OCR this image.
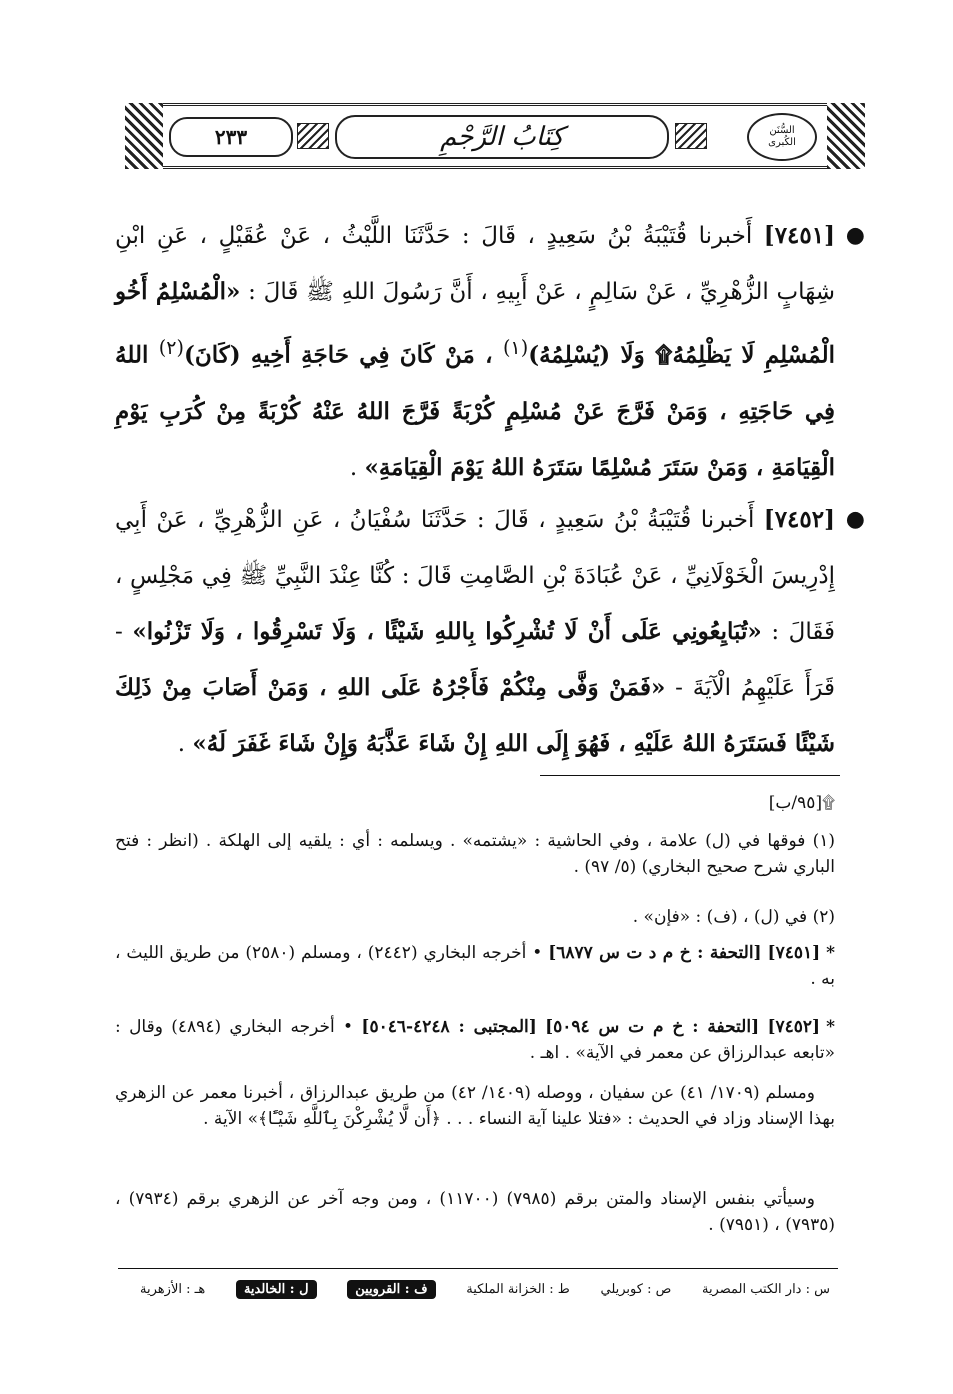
٢٣٣	كِتَابُ الرَّجْمِ	السُّنَن
الكُبرى
●
[٧٤٥١] أَخبرنا قُتَيْبَةُ بْنُ سَعِيدٍ ، قَالَ : حَدَّثَنَا اللَّيْثُ ، عَنْ عُقَيْلٍ ، عَنِ ابْنِ شِهَابٍ الزُّهْرِيِّ ، عَنْ سَالِمٍ ، عَنْ أَبِيهِ ، أَنَّ رَسُولَ اللهِ ﷺ قَالَ : «الْمُسْلِمُ أَخُو الْمُسْلِمِ لَا يَظْلِمُهُ۩ وَلَا (يُسْلِمُهُ)$^{(١)}$ ، مَنْ كَانَ فِي حَاجَةِ أَخِيهِ (كَانَ)$^{(٢)}$ اللهُ فِي حَاجَتِهِ ، وَمَنْ فَرَّجَ عَنْ مُسْلِمٍ كُرْبَةً فَرَّجَ اللهُ عَنْهُ كُرْبَةً مِنْ كُرَبِ يَوْمِ الْقِيَامَةِ ، وَمَنْ سَتَرَ مُسْلِمًا سَتَرَهُ اللهُ يَوْمَ الْقِيَامَةِ» .
●
[٧٤٥٢] أَخبرنا قُتَيْبَةُ بْنُ سَعِيدٍ ، قَالَ : حَدَّثَنَا سُفْيَانُ ، عَنِ الزُّهْرِيِّ ، عَنْ أَبِي إِدْرِيسَ الْخَوْلَانِيِّ ، عَنْ عُبَادَةَ بْنِ الصَّامِتِ قَالَ : كُنَّا عِنْدَ النَّبِيِّ ﷺ فِي مَجْلِسٍ ، فَقَالَ : «تُبَايِعُونِي عَلَى أَنْ لَا تُشْرِكُوا بِاللهِ شَيْئًا ، وَلَا تَسْرِقُوا ، وَلَا تَزْنُوا» - قَرَأَ عَلَيْهِمُ الْآيَةَ - «فَمَنْ وَفَّى مِنْكُمْ فَأَجْرُهُ عَلَى اللهِ ، وَمَنْ أَصَابَ مِنْ ذَلِكَ شَيْئًا فَسَتَرَهُ اللهُ عَلَيْهِ ، فَهُوَ إِلَى اللهِ إِنْ شَاءَ عَذَّبَهُ وَإِنْ شَاءَ غَفَرَ لَهُ» .
۩[٩٥/ب]
(١) فوقها في (ل) علامة ، وفي الحاشية : «يشتمه» . ويسلمه : أي : يلقيه إلى الهلكة . (انظر : فتح الباري شرح صحيح البخاري) (٥/ ٩٧) .
(٢) في (ل) ، (ف) : «فإن» .
*[٧٤٥١] [التحفة : خ م د ت س ٦٨٧٧] • أخرجه البخاري (٢٤٤٢) ، ومسلم (٢٥٨٠) من طريق الليث ، به .
*[٧٤٥٢] [التحفة : خ م ت س ٥٠٩٤] [المجتبى : ٤٢٤٨-٥٠٤٦] • أخرجه البخاري (٤٨٩٤) وقال : «تابعه عبدالرزاق عن معمر في الآية» . اهـ .
ومسلم (١٧٠٩/ ٤١) عن سفيان ، ووصله (١٤٠٩/ ٤٢) من طريق عبدالرزاق ، أخبرنا معمر عن الزهري بهذا الإسناد وزاد في الحديث : «فتلا علينا آية النساء . . . ﴿أَن لَّا يُشْرِكْنَ بِٱللَّهِ شَيْـًٔا﴾» الآية .
وسيأتي بنفس الإسناد والمتن برقم (٧٩٨٥) (١١٧٠٠) ، ومن وجه آخر عن الزهري برقم (٧٩٣٤) ، (٧٩٣٥) ، (٧٩٥١) .
س : دار الكتب المصرية
ص : كوبريلي
ط : الخزانة الملكية
ف : القرويين
ل : الخالدية
هـ : الأزهرية
